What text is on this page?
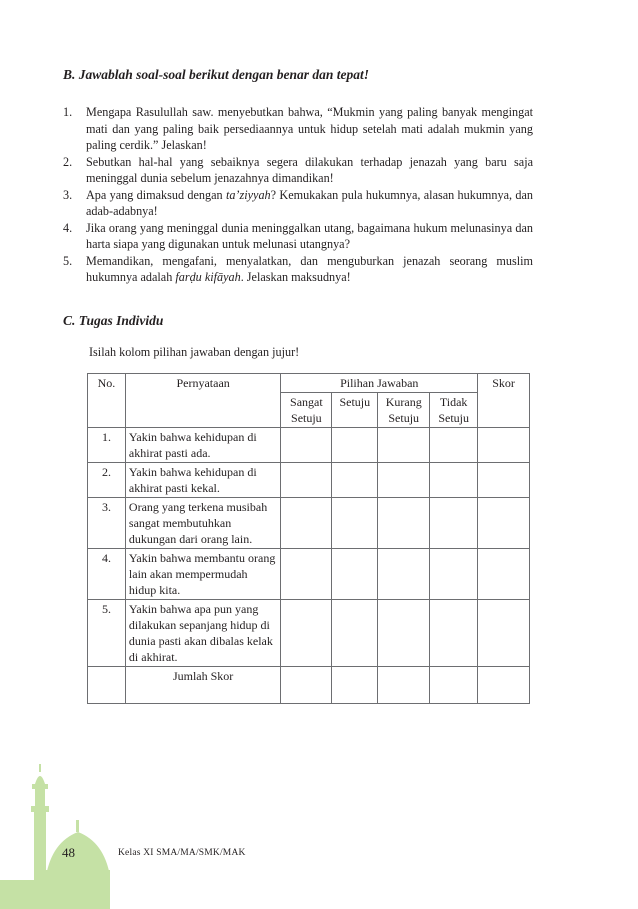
B. Jawablah soal-soal berikut dengan benar dan tepat!
1. Mengapa Rasulullah saw. menyebutkan bahwa, “Mukmin yang paling banyak mengingat mati dan yang paling baik persediaannya untuk hidup setelah mati adalah mukmin yang paling cerdik.” Jelaskan!
2. Sebutkan hal-hal yang sebaiknya segera dilakukan terhadap jenazah yang baru saja meninggal dunia sebelum jenazahnya dimandikan!
3. Apa yang dimaksud dengan ta’ziyyah? Kemukakan pula hukumnya, alasan hukumnya, dan adab-adabnya!
4. Jika orang yang meninggal dunia meninggalkan utang, bagaimana hukum melunasinya dan harta siapa yang digunakan untuk melunasi utangnya?
5. Memandikan, mengafani, menyalatkan, dan menguburkan jenazah seorang muslim hukumnya adalah farḍu kifāyah. Jelaskan maksudnya!
C. Tugas Individu
Isilah kolom pilihan jawaban dengan jujur!
No.	Pernyataan	Pilihan Jawaban				Skor
		Sangat Setuju	Setuju	Kurang Setuju	Tidak Setuju	
1.	Yakin bahwa kehidupan di akhirat pasti ada.					
2.	Yakin bahwa kehidupan di akhirat pasti kekal.					
3.	Orang yang terkena musibah sangat membutuhkan dukungan dari orang lain.					
4.	Yakin bahwa membantu orang lain akan mempermudah hidup kita.					
5.	Yakin bahwa apa pun yang dilakukan sepanjang hidup di dunia pasti akan dibalas kelak di akhirat.					
	Jumlah Skor					
48	Kelas XI SMA/MA/SMK/MAK
